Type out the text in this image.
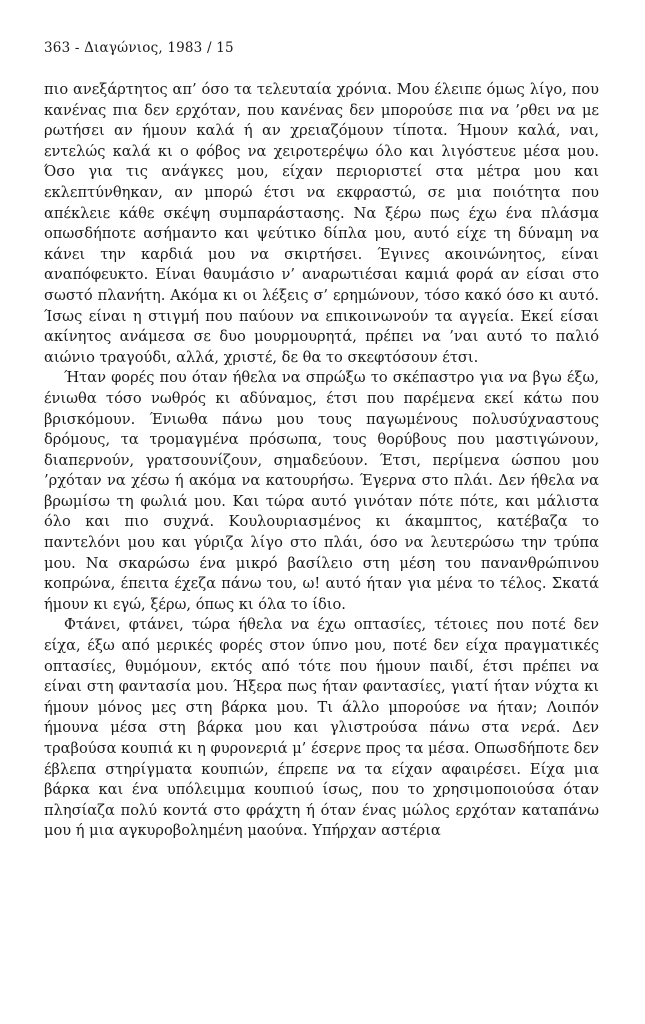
363 - Διαγώνιος, 1983 / 15

πιο ανεξάρτητος απ’ όσο τα τελευταία χρόνια. Μου έλειπε όμως λίγο, που κανένας πια δεν ερχόταν, που κανένας δεν μπορούσε πια να ’ρθει να με ρωτήσει αν ήμουν καλά ή αν χρειαζόμουν τίποτα. Ήμουν καλά, ναι, εντελώς καλά κι ο φόβος να χειροτερέψω όλο και λιγόστευε μέσα μου. Όσο για τις ανάγκες μου, είχαν περιοριστεί στα μέτρα μου και εκλεπτύνθηκαν, αν μπορώ έτσι να εκφραστώ, σε μια ποιότητα που απέκλειε κάθε σκέψη συμπαράστασης. Να ξέρω πως έχω ένα πλάσμα οπωσδήποτε ασήμαντο και ψεύτικο δίπλα μου, αυτό είχε τη δύναμη να κάνει την καρδιά μου να σκιρτήσει. Έγινες ακοινώνητος, είναι αναπόφευκτο. Είναι θαυμάσιο ν’ αναρωτιέσαι καμιά φορά αν είσαι στο σωστό πλανήτη. Ακόμα κι οι λέξεις σ’ ερημώνουν, τόσο κακό όσο κι αυτό. Ίσως είναι η στιγμή που παύουν να επικοινωνούν τα αγγεία. Εκεί είσαι ακίνητος ανάμεσα σε δυο μουρμουρητά, πρέπει να ’ναι αυτό το παλιό αιώνιο τραγούδι, αλλά, χριστέ, δε θα το σκεφτόσουν έτσι.

Ήταν φορές που όταν ήθελα να σπρώξω το σκέπαστρο για να βγω έξω, ένιωθα τόσο νωθρός κι αδύναμος, έτσι που παρέμενα εκεί κάτω που βρισκόμουν. Ένιωθα πάνω μου τους παγωμένους πολυσύχναστους δρόμους, τα τρομαγμένα πρόσωπα, τους θορύβους που μαστιγώνουν, διαπερνούν, γρατσουνίζουν, σημαδεύουν. Έτσι, περίμενα ώσπου μου ’ρχόταν να χέσω ή ακόμα να κατουρήσω. Έγερνα στο πλάι. Δεν ήθελα να βρωμίσω τη φωλιά μου. Και τώρα αυτό γινόταν πότε πότε, και μάλιστα όλο και πιο συχνά. Κουλουριασμένος κι άκαμπτος, κατέβαζα το παντελόνι μου και γύριζα λίγο στο πλάι, όσο να λευτερώσω την τρύπα μου. Να σκαρώσω ένα μικρό βασίλειο στη μέση του πανανθρώπινου κοπρώνα, έπειτα έχεζα πάνω του, ω! αυτό ήταν για μένα το τέλος. Σκατά ήμουν κι εγώ, ξέρω, όπως κι όλα το ίδιο.

Φτάνει, φτάνει, τώρα ήθελα να έχω οπτασίες, τέτοιες που ποτέ δεν είχα, έξω από μερικές φορές στον ύπνο μου, ποτέ δεν είχα πραγματικές οπτασίες, θυμόμουν, εκτός από τότε που ήμουν παιδί, έτσι πρέπει να είναι στη φαντασία μου. Ήξερα πως ήταν φαντασίες, γιατί ήταν νύχτα κι ήμουν μόνος μες στη βάρκα μου. Τι άλλο μπορούσε να ήταν; Λοιπόν ήμουνα μέσα στη βάρκα μου και γλιστρούσα πάνω στα νερά. Δεν τραβούσα κουπιά κι η φυρονεριά μ’ έσερνε προς τα μέσα. Οπωσδήποτε δεν έβλεπα στηρίγματα κουπιών, έπρεπε να τα είχαν αφαιρέσει. Είχα μια βάρκα και ένα υπόλειμμα κουπιού ίσως, που το χρησιμοποιούσα όταν πλησίαζα πολύ κοντά στο φράχτη ή όταν ένας μώλος ερχόταν καταπάνω μου ή μια αγκυροβολημένη μαούνα. Υπήρχαν αστέρια
